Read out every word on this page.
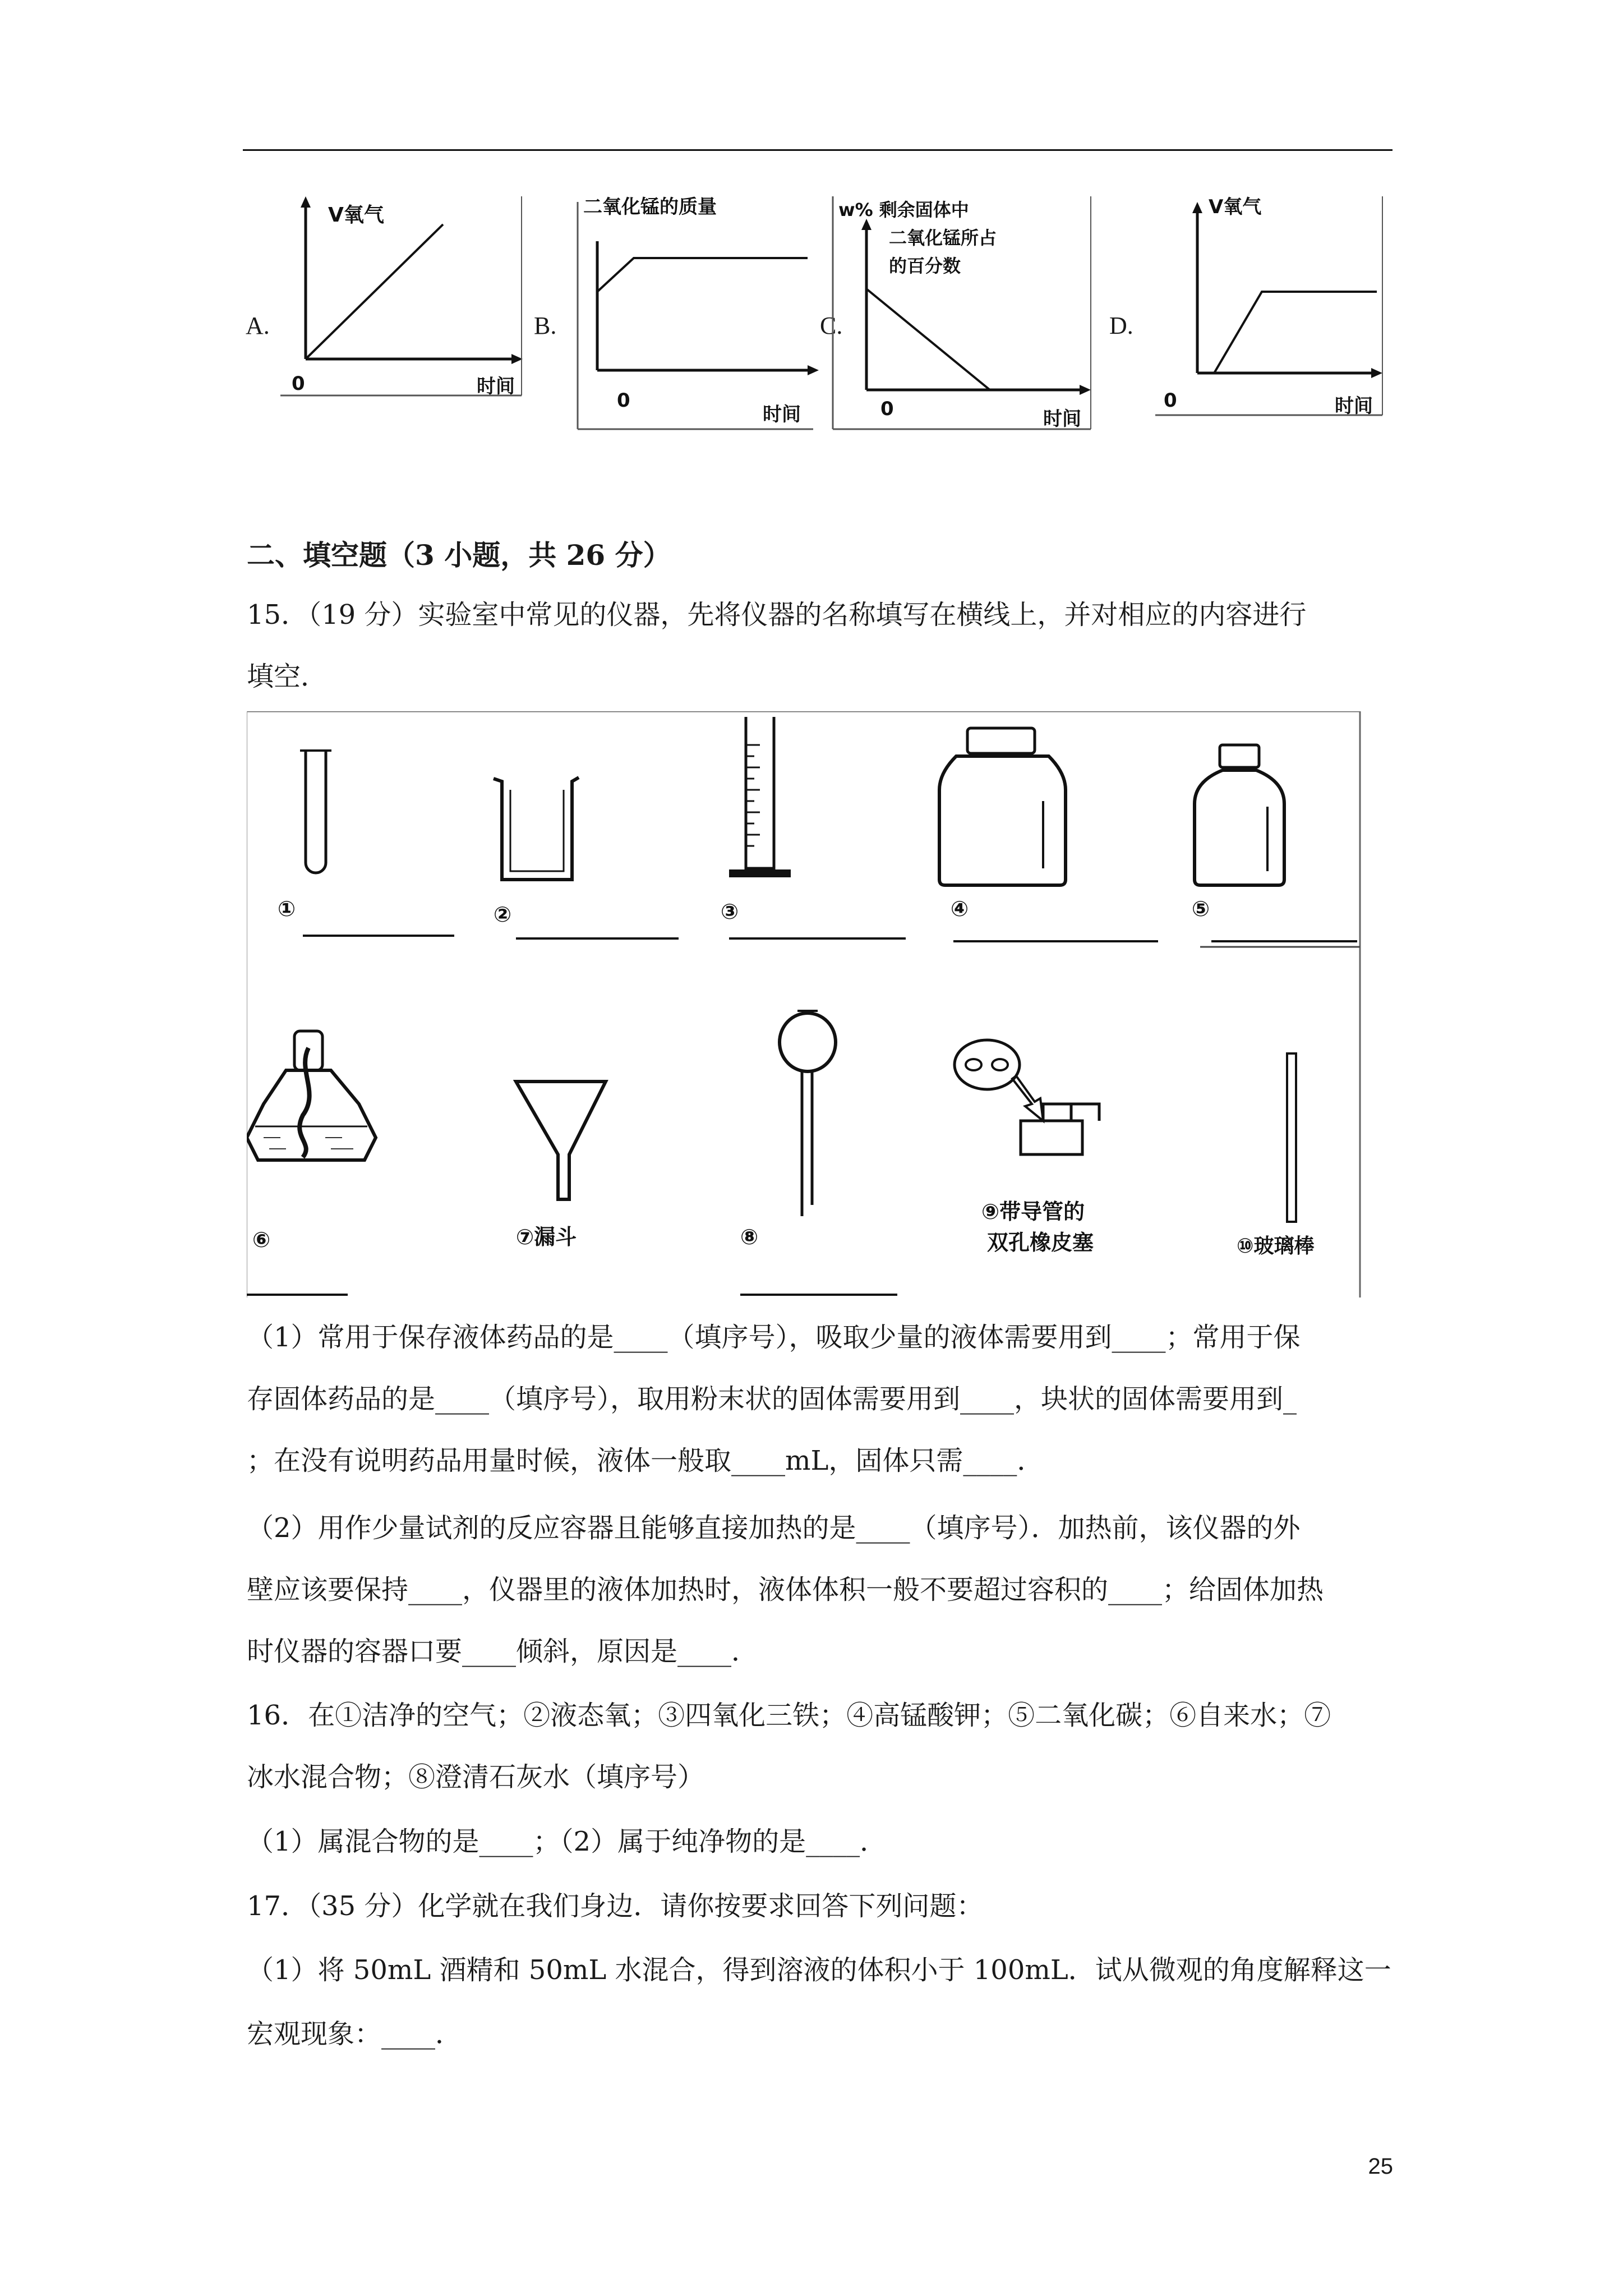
A.	B.	C.	D.
V氧气
0	时间
二氧化锰的质量
0
时间
w% 剩余固体中
二氧化锰所占
的百分数
0	时间
V氧气
0	时间
二、填空题（3 小题，共 26 分）
15．（19 分）实验室中常见的仪器，先将仪器的名称填写在横线上，并对相应的内容进行
填空．
①	②	③	④	⑤
⑥	⑦漏斗	⑧
⑨带导管的
双孔橡皮塞	⑩玻璃棒
（1）常用于保存液体药品的是____（填序号），吸取少量的液体需要用到____；常用于保
存固体药品的是____（填序号），取用粉末状的固体需要用到____，块状的固体需要用到_
；在没有说明药品用量时候，液体一般取____mL，固体只需____．
（2）用作少量试剂的反应容器且能够直接加热的是____（填序号）．加热前，该仪器的外
壁应该要保持____，仪器里的液体加热时，液体体积一般不要超过容积的____；给固体加热
时仪器的容器口要____倾斜，原因是____．
16．在①洁净的空气；②液态氧；③四氧化三铁；④高锰酸钾；⑤二氧化碳；⑥自来水；⑦
冰水混合物；⑧澄清石灰水（填序号）
（1）属混合物的是____；（2）属于纯净物的是____．
17．（35 分）化学就在我们身边．请你按要求回答下列问题：
（1）将 50mL 酒精和 50mL 水混合，得到溶液的体积小于 100mL．试从微观的角度解释这一
宏观现象：____．
25
